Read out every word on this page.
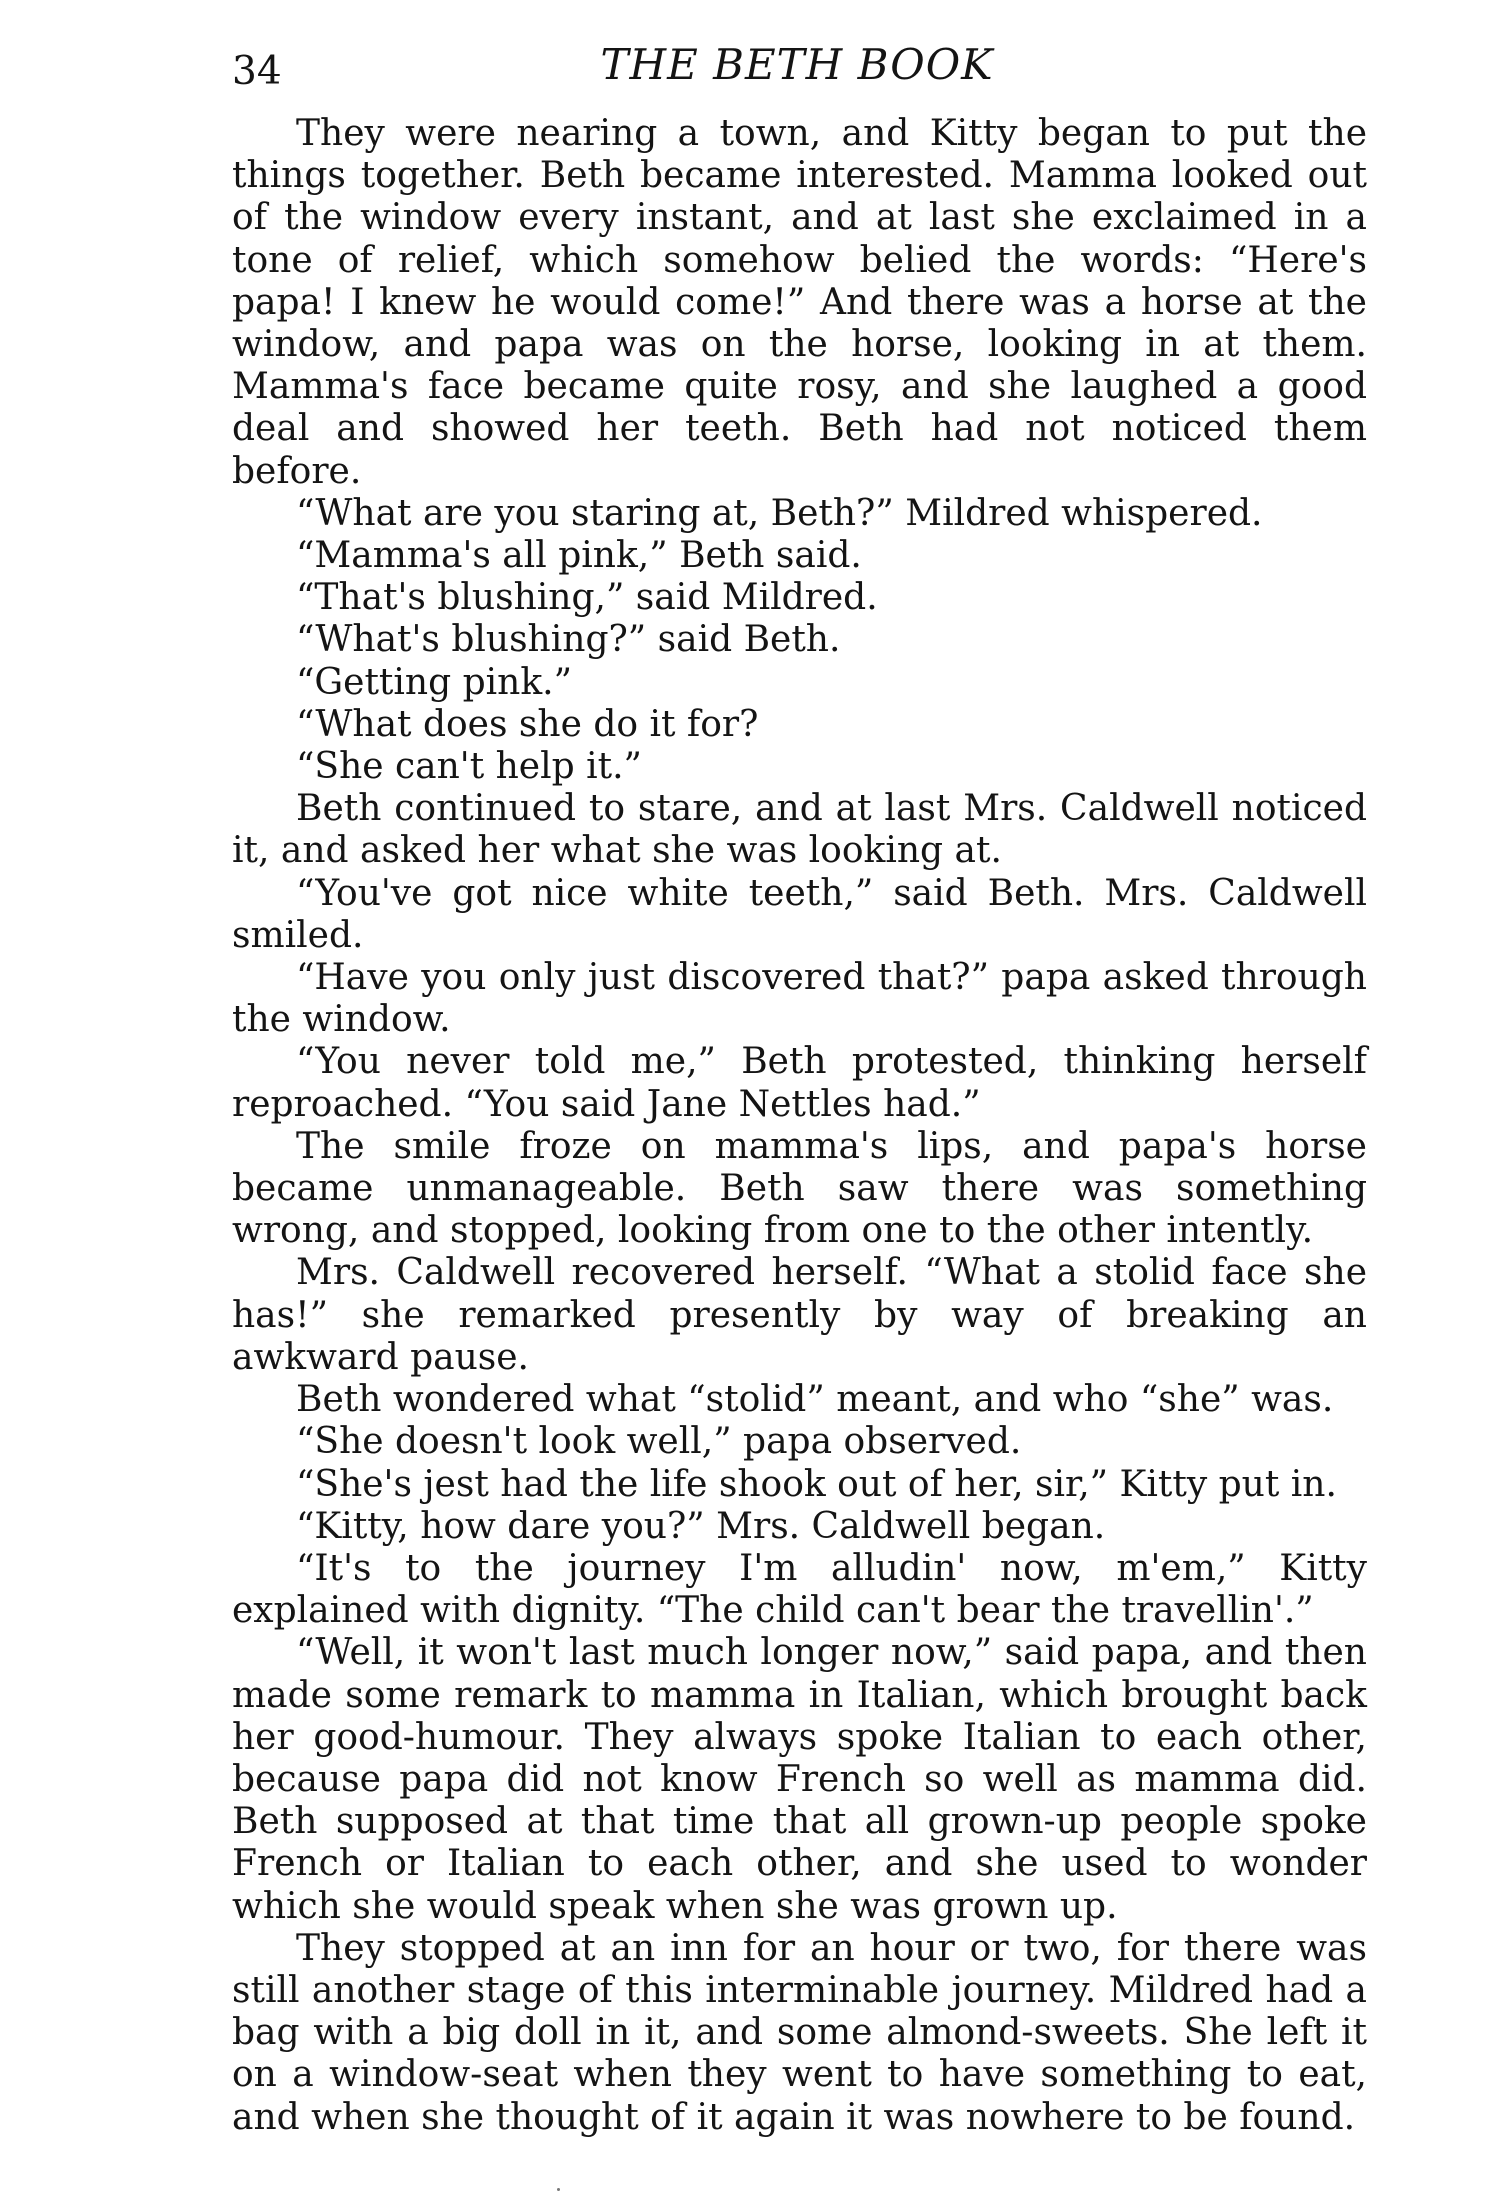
34	THE BETH BOOK

They were nearing a town, and Kitty began to put the things together. Beth became interested. Mamma looked out of the window every instant, and at last she exclaimed in a tone of relief, which somehow belied the words: “Here's papa! I knew he would come!” And there was a horse at the window, and papa was on the horse, looking in at them. Mamma's face became quite rosy, and she laughed a good deal and showed her teeth. Beth had not noticed them before.

“What are you staring at, Beth?” Mildred whispered.

“Mamma's all pink,” Beth said.

“That's blushing,” said Mildred.

“What's blushing?” said Beth.

“Getting pink.”

“What does she do it for?

“She can't help it.”

Beth continued to stare, and at last Mrs. Caldwell noticed it, and asked her what she was looking at.

“You've got nice white teeth,” said Beth. Mrs. Caldwell smiled.

“Have you only just discovered that?” papa asked through the window.

“You never told me,” Beth protested, thinking herself reproached. “You said Jane Nettles had.”

The smile froze on mamma's lips, and papa's horse became unmanageable. Beth saw there was something wrong, and stopped, looking from one to the other intently.

Mrs. Caldwell recovered herself. “What a stolid face she has!” she remarked presently by way of breaking an awkward pause.

Beth wondered what “stolid” meant, and who “she” was.

“She doesn't look well,” papa observed.

“She's jest had the life shook out of her, sir,” Kitty put in.

“Kitty, how dare you?” Mrs. Caldwell began.

“It's to the journey I'm alludin' now, m'em,” Kitty explained with dignity. “The child can't bear the travellin'.”

“Well, it won't last much longer now,” said papa, and then made some remark to mamma in Italian, which brought back her good-humour. They always spoke Italian to each other, because papa did not know French so well as mamma did. Beth supposed at that time that all grown-up people spoke French or Italian to each other, and she used to wonder which she would speak when she was grown up.

They stopped at an inn for an hour or two, for there was still another stage of this interminable journey. Mildred had a bag with a big doll in it, and some almond-sweets. She left it on a window-seat when they went to have something to eat, and when she thought of it again it was nowhere to be found.
